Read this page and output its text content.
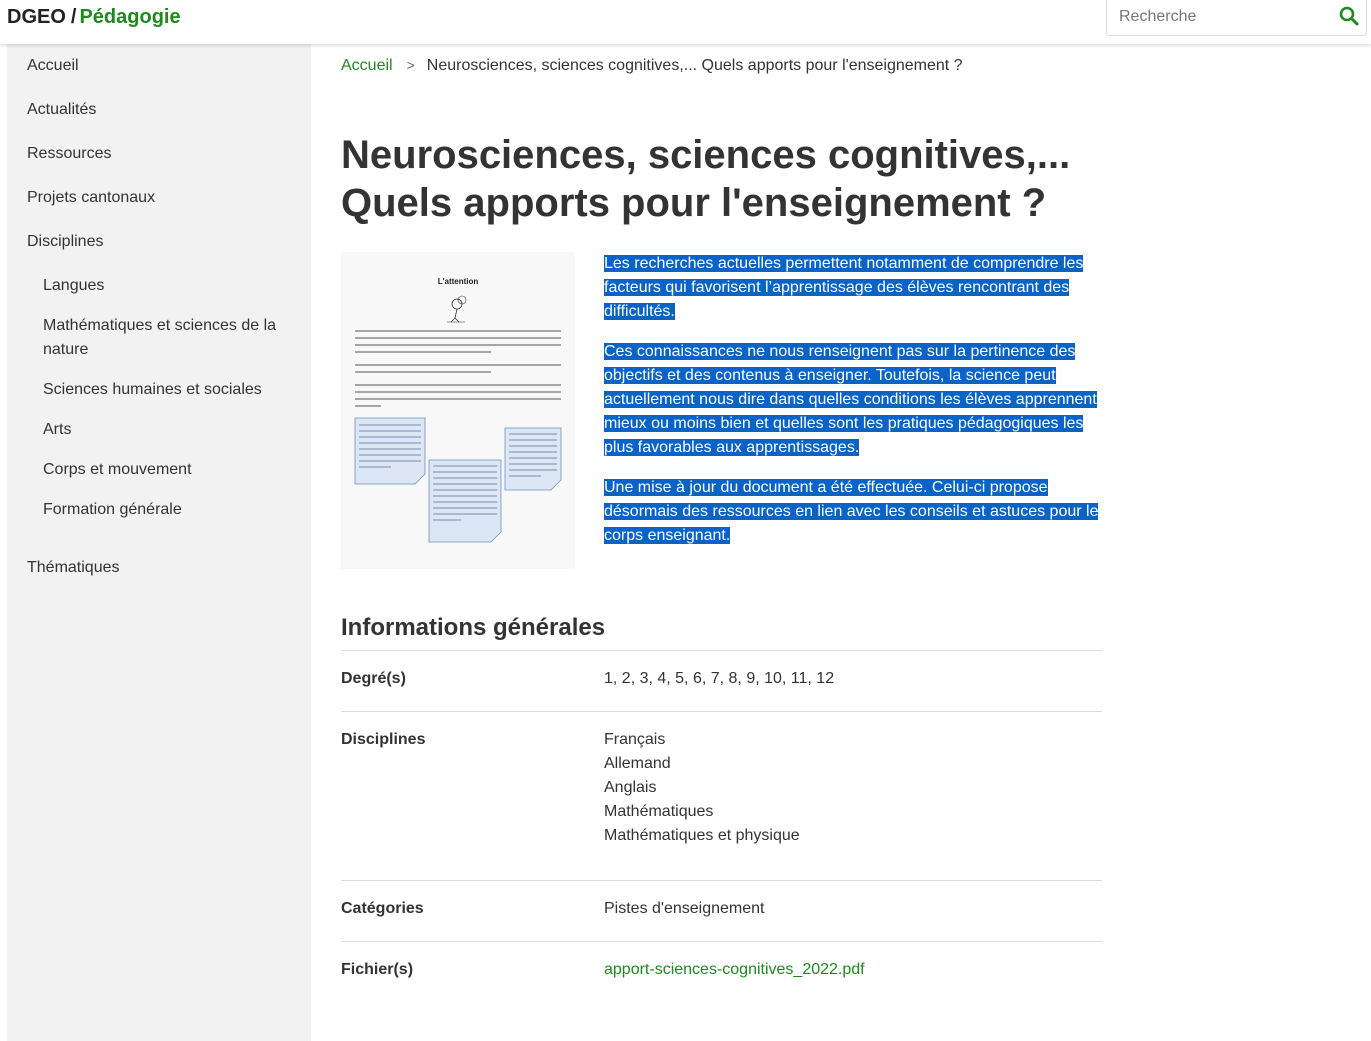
DGEO / Pédagogie
Recherche
Accueil
Actualités
Ressources
Projets cantonaux
Disciplines
Langues
Mathématiques et sciences de la nature
Sciences humaines et sociales
Arts
Corps et mouvement
Formation générale
Thématiques
Accueil > Neurosciences, sciences cognitives,... Quels apports pour l'enseignement ?
Neurosciences, sciences cognitives,... Quels apports pour l'enseignement ?
L'attention

Les recherches actuelles permettent notamment de comprendre les facteurs qui favorisent l’apprentissage des élèves rencontrant des difficultés.

Ces connaissances ne nous renseignent pas sur la pertinence des objectifs et des contenus à enseigner. Toutefois, la science peut actuellement nous dire dans quelles conditions les élèves apprennent mieux ou moins bien et quelles sont les pratiques pédagogiques les plus favorables aux apprentissages.

Une mise à jour du document a été effectuée. Celui-ci propose désormais des ressources en lien avec les conseils et astuces pour le corps enseignant.

Informations générales
Degré(s)	1, 2, 3, 4, 5, 6, 7, 8, 9, 10, 11, 12
Disciplines	Français
Allemand
Anglais
Mathématiques
Mathématiques et physique
Catégories	Pistes d'enseignement
Fichier(s)	apport-sciences-cognitives_2022.pdf
